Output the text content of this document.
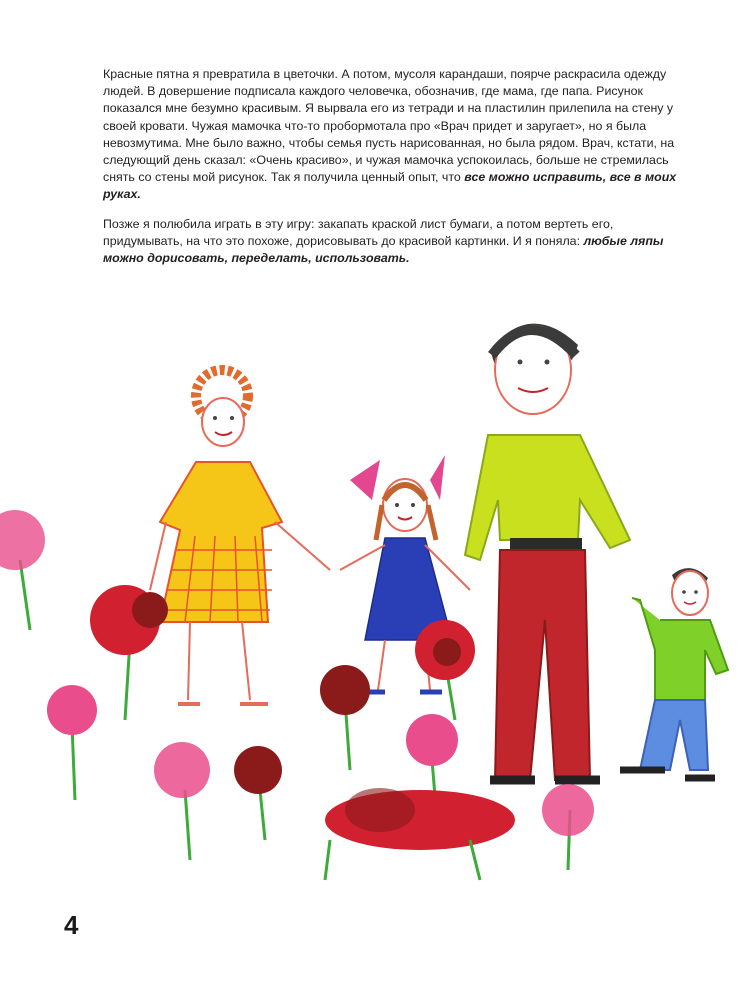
Красные пятна я превратила в цветочки. А потом, мусоля карандаши, поярче раскрасила одежду людей. В довершение подписала каждого человечка, обозначив, где мама, где папа. Рисунок показался мне безумно красивым. Я вырвала его из тетради и на пластилин прилепила на стену у своей кровати. Чужая мамочка что-то пробормотала про «Врач придет и заругает», но я была невозмутима. Мне было важно, чтобы семья пусть нарисованная, но была рядом. Врач, кстати, на следующий день сказал: «Очень красиво», и чужая мамочка успокоилась, больше не стремилась снять со стены мой рисунок. Так я получила ценный опыт, что все можно исправить, все в моих руках.

Позже я полюбила играть в эту игру: закапать краской лист бумаги, а потом вертеть его, придумывать, на что это похоже, дорисовывать до красивой картинки. И я поняла: любые ляпы можно дорисовать, переделать, использовать.

4
